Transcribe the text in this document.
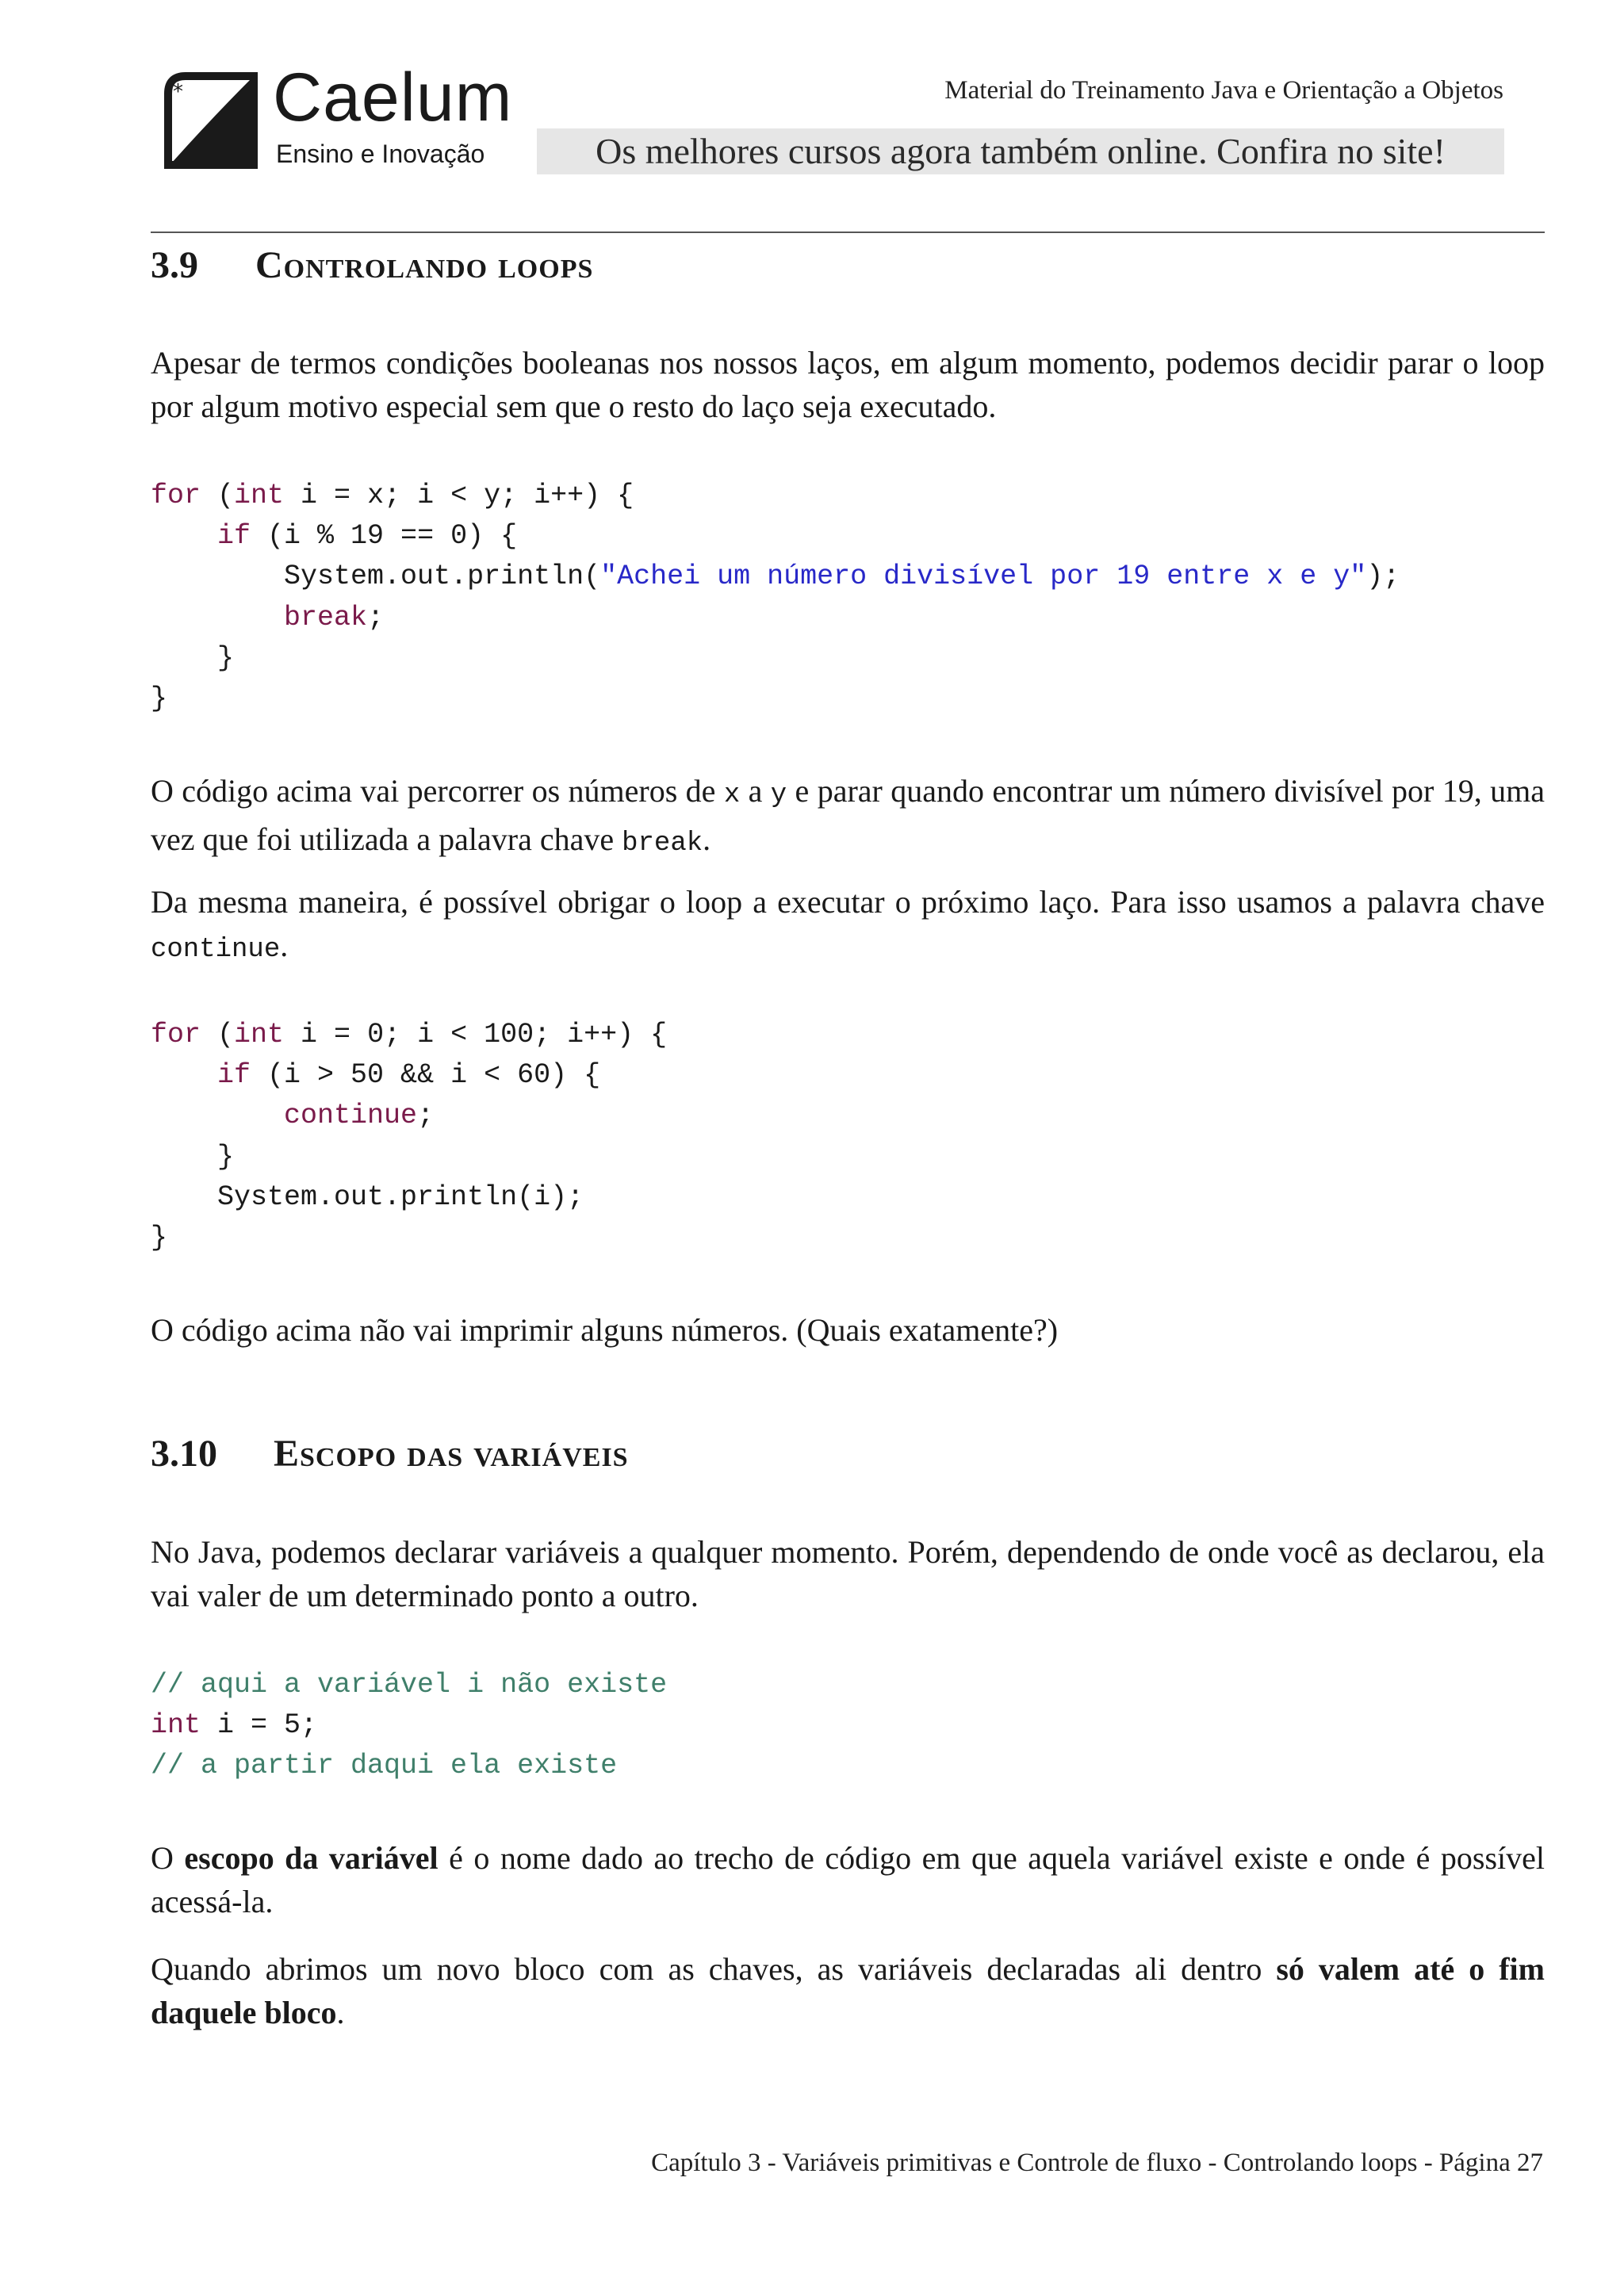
* Caelum
Ensino e Inovação
Material do Treinamento Java e Orientação a Objetos
Os melhores cursos agora também online. Confira no site!
3.9 Controlando loops

Apesar de termos condições booleanas nos nossos laços, em algum momento, podemos decidir parar o loop por algum motivo especial sem que o resto do laço seja executado.

for (int i = x; i < y; i++) {
if (i % 19 == 0) {
System.out.println("Achei um número divisível por 19 entre x e y");
break;
}
}

O código acima vai percorrer os números de x a y e parar quando encontrar um número divisível por 19, uma vez que foi utilizada a palavra chave break.

Da mesma maneira, é possível obrigar o loop a executar o próximo laço. Para isso usamos a palavra chave continue.

for (int i = 0; i < 100; i++) {
if (i > 50 && i < 60) {
continue;
}
System.out.println(i);
}

O código acima não vai imprimir alguns números. (Quais exatamente?)

3.10 Escopo das variáveis

No Java, podemos declarar variáveis a qualquer momento. Porém, dependendo de onde você as declarou, ela vai valer de um determinado ponto a outro.

// aqui a variável i não existe
int i = 5;
// a partir daqui ela existe

O escopo da variável é o nome dado ao trecho de código em que aquela variável existe e onde é possível acessá-la.

Quando abrimos um novo bloco com as chaves, as variáveis declaradas ali dentro só valem até o fim daquele bloco.

Capítulo 3 - Variáveis primitivas e Controle de fluxo - Controlando loops - Página 27
